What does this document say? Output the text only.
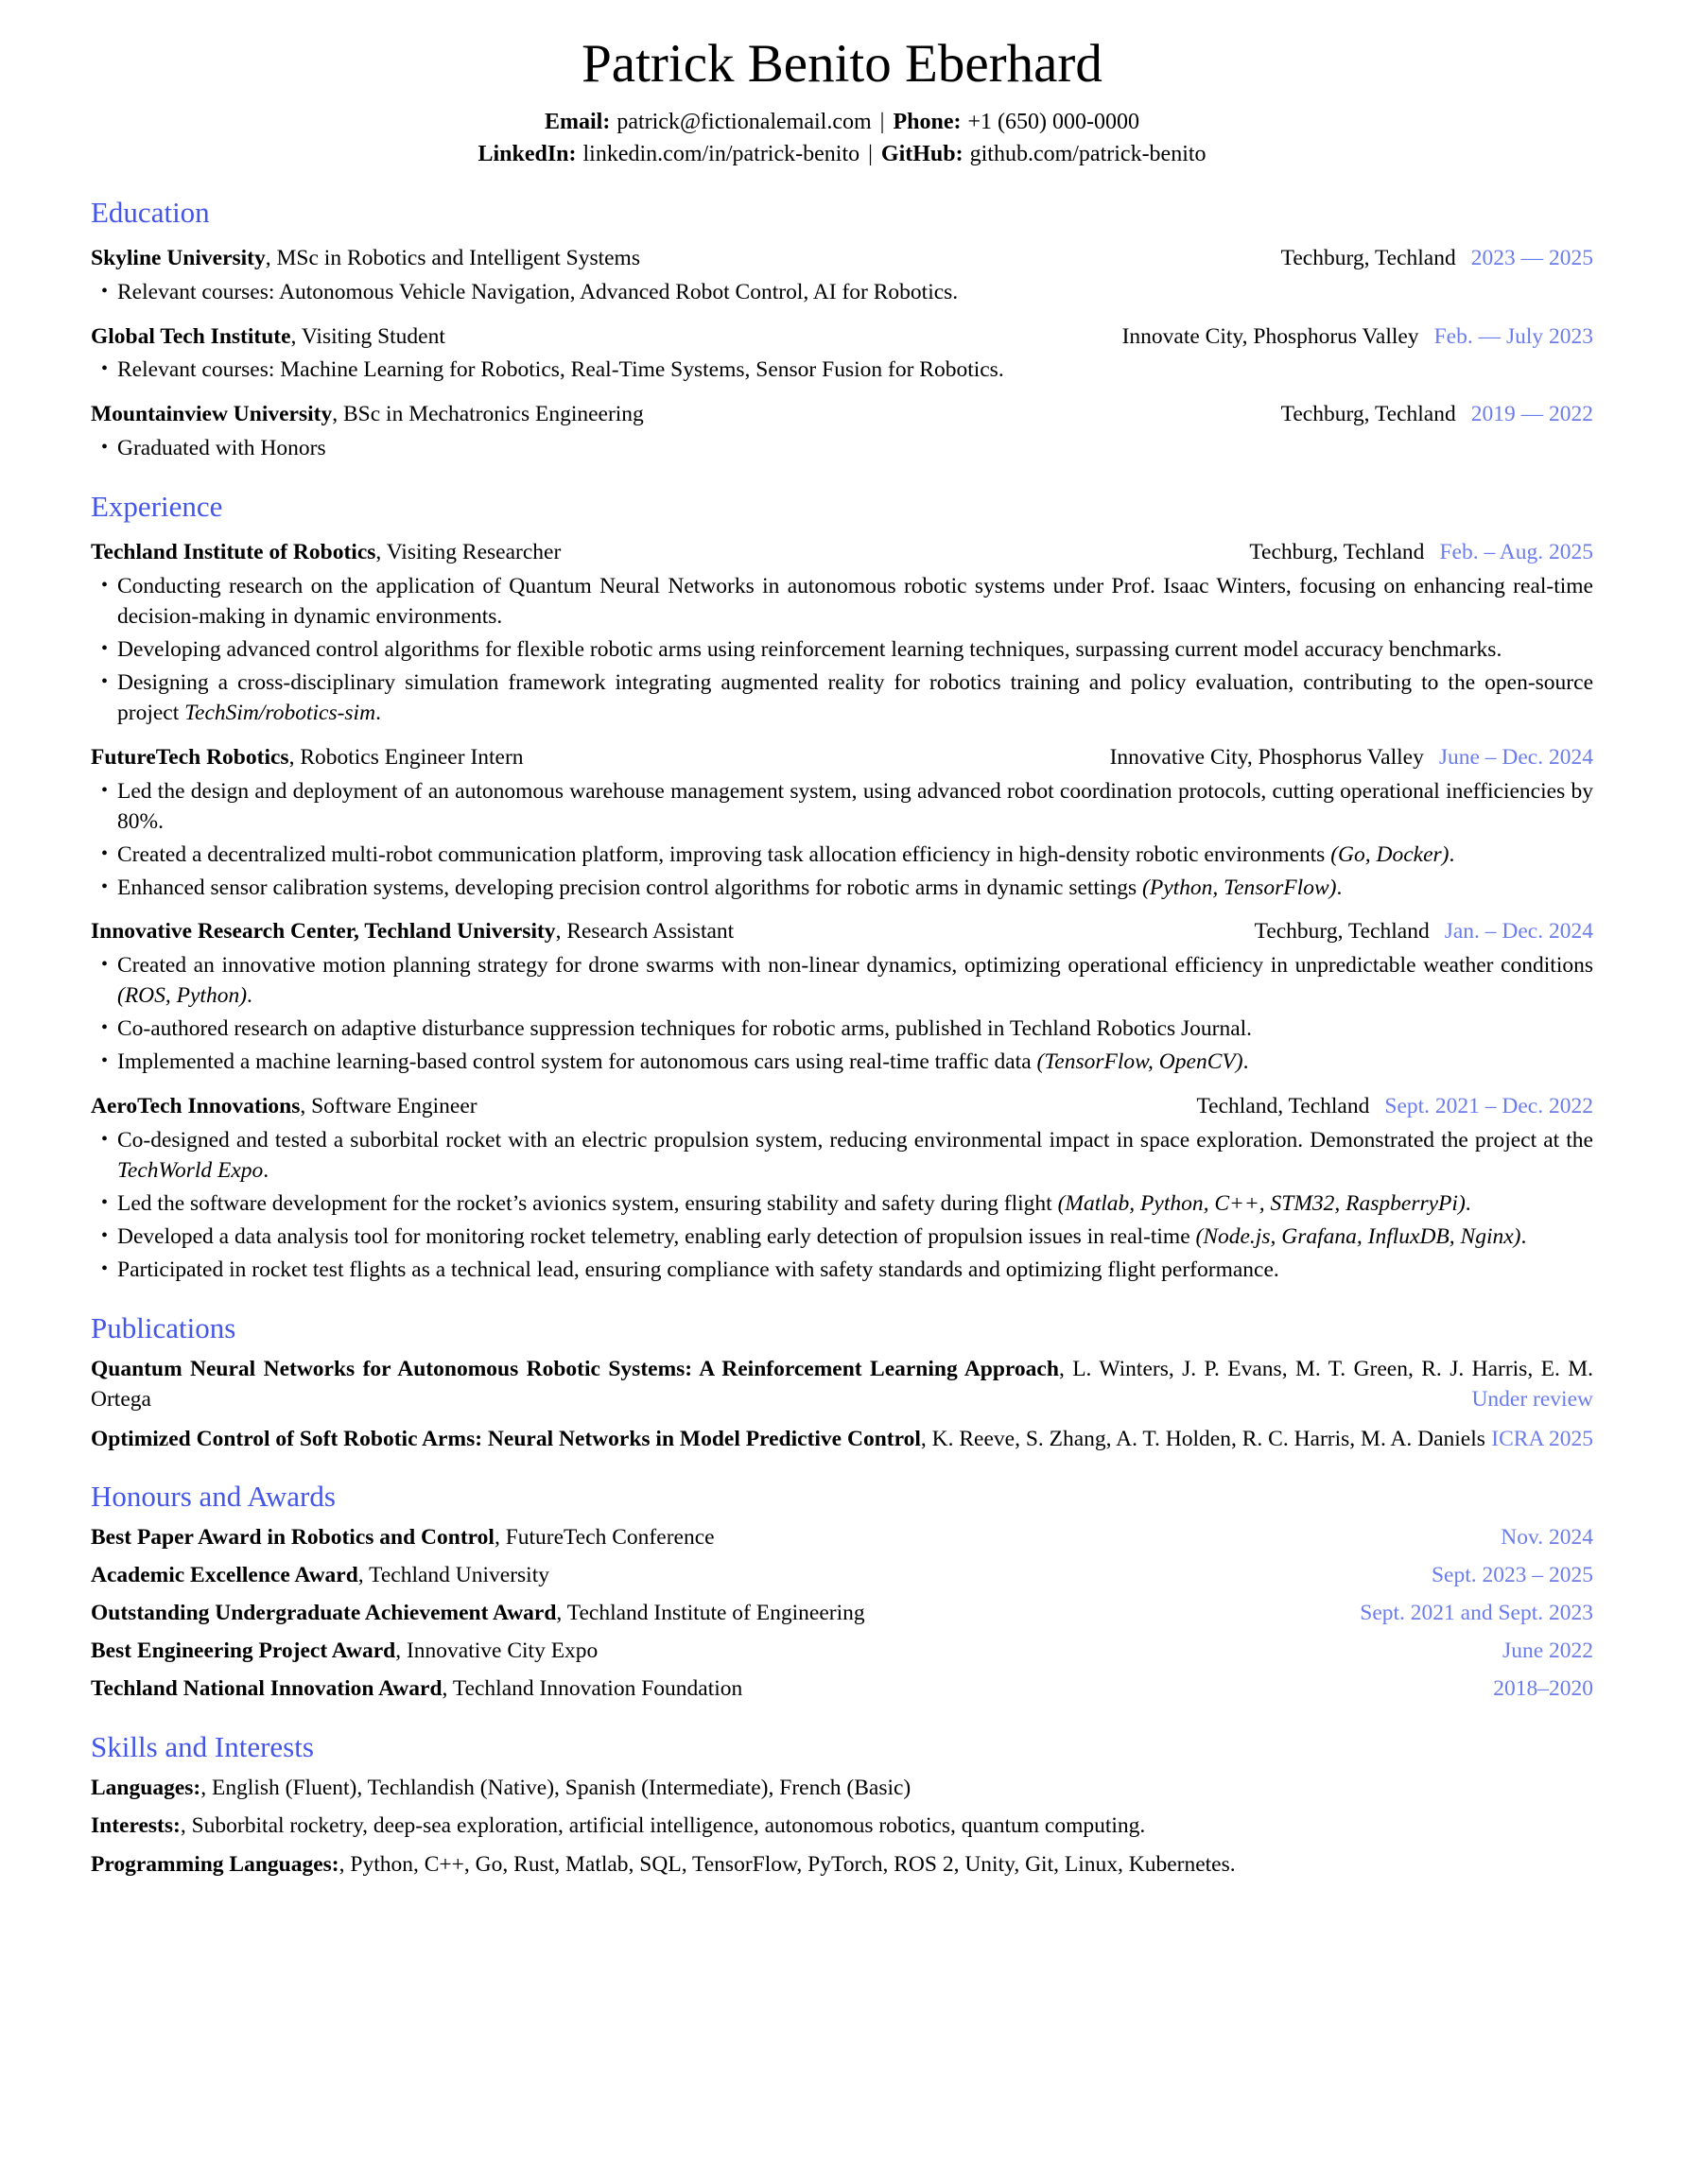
Patrick Benito Eberhard
Email: patrick@fictionalemail.com | Phone: +1 (650) 000-0000
LinkedIn: linkedin.com/in/patrick-benito | GitHub: github.com/patrick-benito
Education
Skyline University, MSc in Robotics and Intelligent Systems	Techburg, Techland 2023 — 2025
• Relevant courses: Autonomous Vehicle Navigation, Advanced Robot Control, AI for Robotics.
Global Tech Institute, Visiting Student	Innovate City, Phosphorus Valley Feb. — July 2023
• Relevant courses: Machine Learning for Robotics, Real-Time Systems, Sensor Fusion for Robotics.
Mountainview University, BSc in Mechatronics Engineering	Techburg, Techland 2019 — 2022
• Graduated with Honors
Experience
Techland Institute of Robotics, Visiting Researcher	Techburg, Techland Feb. – Aug. 2025
• Conducting research on the application of Quantum Neural Networks in autonomous robotic systems under Prof. Isaac Winters, focusing on enhancing real-time decision-making in dynamic environments.
• Developing advanced control algorithms for flexible robotic arms using reinforcement learning techniques, surpassing current model accuracy benchmarks.
• Designing a cross-disciplinary simulation framework integrating augmented reality for robotics training and policy evaluation, contributing to the open-source project TechSim/robotics-sim.
FutureTech Robotics, Robotics Engineer Intern	Innovative City, Phosphorus Valley June – Dec. 2024
• Led the design and deployment of an autonomous warehouse management system, using advanced robot coordination protocols, cutting operational inefficiencies by 80%.
• Created a decentralized multi-robot communication platform, improving task allocation efficiency in high-density robotic environments (Go, Docker).
• Enhanced sensor calibration systems, developing precision control algorithms for robotic arms in dynamic settings (Python, TensorFlow).
Innovative Research Center, Techland University, Research Assistant	Techburg, Techland Jan. – Dec. 2024
• Created an innovative motion planning strategy for drone swarms with non-linear dynamics, optimizing operational efficiency in unpredictable weather conditions (ROS, Python).
• Co-authored research on adaptive disturbance suppression techniques for robotic arms, published in Techland Robotics Journal.
• Implemented a machine learning-based control system for autonomous cars using real-time traffic data (TensorFlow, OpenCV).
AeroTech Innovations, Software Engineer	Techland, Techland Sept. 2021 – Dec. 2022
• Co-designed and tested a suborbital rocket with an electric propulsion system, reducing environmental impact in space exploration. Demonstrated the project at the TechWorld Expo.
• Led the software development for the rocket’s avionics system, ensuring stability and safety during flight (Matlab, Python, C++, STM32, RaspberryPi).
• Developed a data analysis tool for monitoring rocket telemetry, enabling early detection of propulsion issues in real-time (Node.js, Grafana, InfluxDB, Nginx).
• Participated in rocket test flights as a technical lead, ensuring compliance with safety standards and optimizing flight performance.
Publications
Quantum Neural Networks for Autonomous Robotic Systems: A Reinforcement Learning Approach, L. Winters, J. P. Evans, M. T. Green, R. J. Harris, E. M. Ortega	Under review
Optimized Control of Soft Robotic Arms: Neural Networks in Model Predictive Control, K. Reeve, S. Zhang, A. T. Holden, R. C. Harris, M. A. Daniels ICRA 2025
Honours and Awards
Best Paper Award in Robotics and Control, FutureTech Conference	Nov. 2024
Academic Excellence Award, Techland University	Sept. 2023 – 2025
Outstanding Undergraduate Achievement Award, Techland Institute of Engineering	Sept. 2021 and Sept. 2023
Best Engineering Project Award, Innovative City Expo	June 2022
Techland National Innovation Award, Techland Innovation Foundation	2018–2020
Skills and Interests
Languages:, English (Fluent), Techlandish (Native), Spanish (Intermediate), French (Basic)
Interests:, Suborbital rocketry, deep-sea exploration, artificial intelligence, autonomous robotics, quantum computing.
Programming Languages:, Python, C++, Go, Rust, Matlab, SQL, TensorFlow, PyTorch, ROS 2, Unity, Git, Linux, Kubernetes.
